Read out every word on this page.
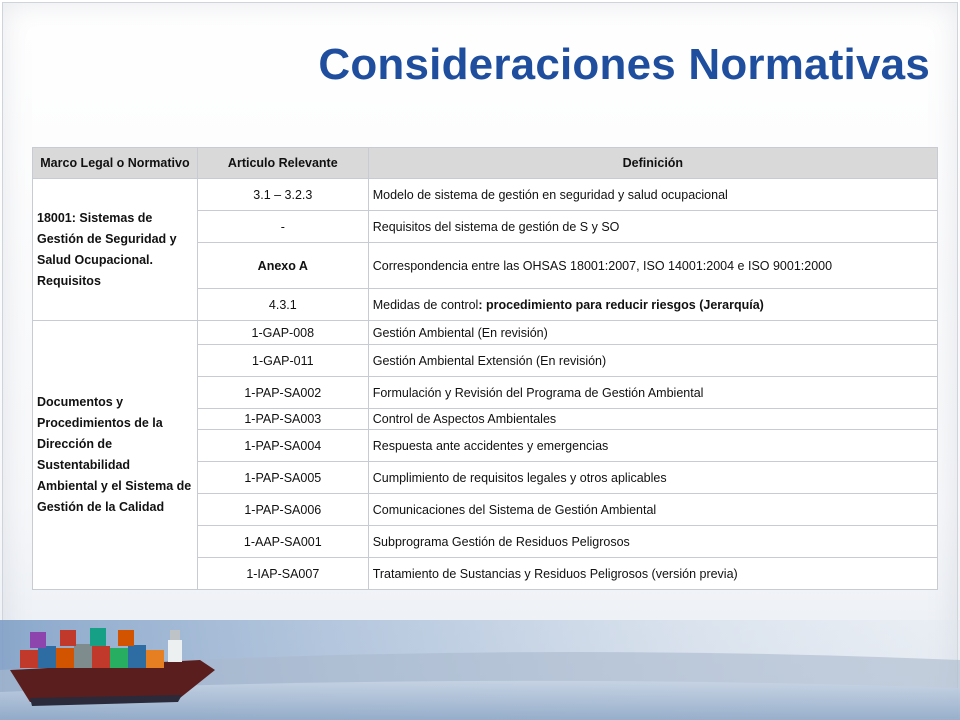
Consideraciones Normativas
Marco Legal o Normativo	Articulo Relevante	Definición
18001: Sistemas de Gestión de Seguridad y Salud Ocupacional. Requisitos	3.1 – 3.2.3	Modelo de sistema de gestión en seguridad y salud ocupacional
	-	Requisitos del sistema de gestión de S y SO
	Anexo A	Correspondencia entre las OHSAS 18001:2007, ISO 14001:2004 e ISO 9001:2000
	4.3.1	Medidas de control: procedimiento para reducir riesgos (Jerarquía)
Documentos y Procedimientos de la Dirección de Sustentabilidad Ambiental y el Sistema de Gestión de la Calidad	1-GAP-008	Gestión Ambiental (En revisión)
	1-GAP-011	Gestión Ambiental Extensión (En revisión)
	1-PAP-SA002	Formulación y Revisión del Programa de Gestión Ambiental
	1-PAP-SA003	Control de Aspectos Ambientales
	1-PAP-SA004	Respuesta ante accidentes y emergencias
	1-PAP-SA005	Cumplimiento de requisitos legales y otros aplicables
	1-PAP-SA006	Comunicaciones del Sistema de Gestión Ambiental
	1-AAP-SA001	Subprograma Gestión de Residuos Peligrosos
	1-IAP-SA007	Tratamiento de Sustancias y Residuos Peligrosos (versión previa)
